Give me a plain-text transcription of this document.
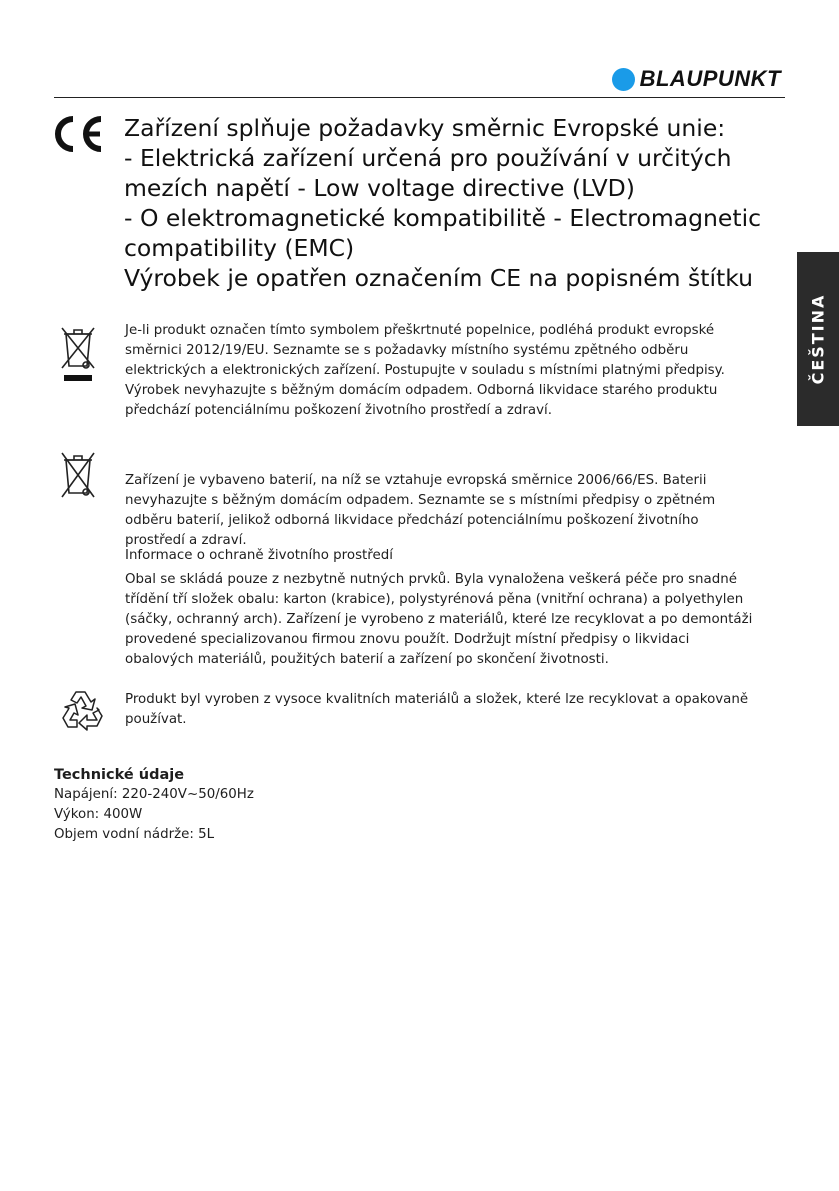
BLAUPUNKT
Zařízení splňuje požadavky směrnic Evropské unie:
- Elektrická zařízení určená pro používání v určitých
mezích napětí - Low voltage directive (LVD)
- O elektromagnetické kompatibilitě - Electromagnetic
compatibility (EMC)
Výrobek je opatřen označením CE na popisném štítku
Je-li produkt označen tímto symbolem přeškrtnuté popelnice, podléhá produkt evropské
směrnici 2012/19/EU. Seznamte se s požadavky místního systému zpětného odběru
elektrických a elektronických zařízení. Postupujte v souladu s místními platnými předpisy.
Výrobek nevyhazujte s běžným domácím odpadem. Odborná likvidace starého produktu
předchází potenciálnímu poškození životního prostředí a zdraví.
Zařízení je vybaveno baterií, na níž se vztahuje evropská směrnice 2006/66/ES. Baterii
nevyhazujte s běžným domácím odpadem. Seznamte se s místními předpisy o zpětném
odběru baterií, jelikož odborná likvidace předchází potenciálnímu poškození životního
prostředí a zdraví.
Informace o ochraně životního prostředí
Obal se skládá pouze z nezbytně nutných prvků. Byla vynaložena veškerá péče pro snadné
třídění tří složek obalu: karton (krabice), polystyrénová pěna (vnitřní ochrana) a polyethylen
(sáčky, ochranný arch). Zařízení je vyrobeno z materiálů, které lze recyklovat a po demontáži
provedené specializovanou firmou znovu použít. Dodržujt místní předpisy o likvidaci
obalových materiálů, použitých baterií a zařízení po skončení životnosti.
Produkt byl vyroben z vysoce kvalitních materiálů a složek, které lze recyklovat a opakovaně
používat.
ČEŠTINA
Technické údaje
Napájení: 220-240V~50/60Hz
Výkon: 400W
Objem vodní nádrže: 5L
